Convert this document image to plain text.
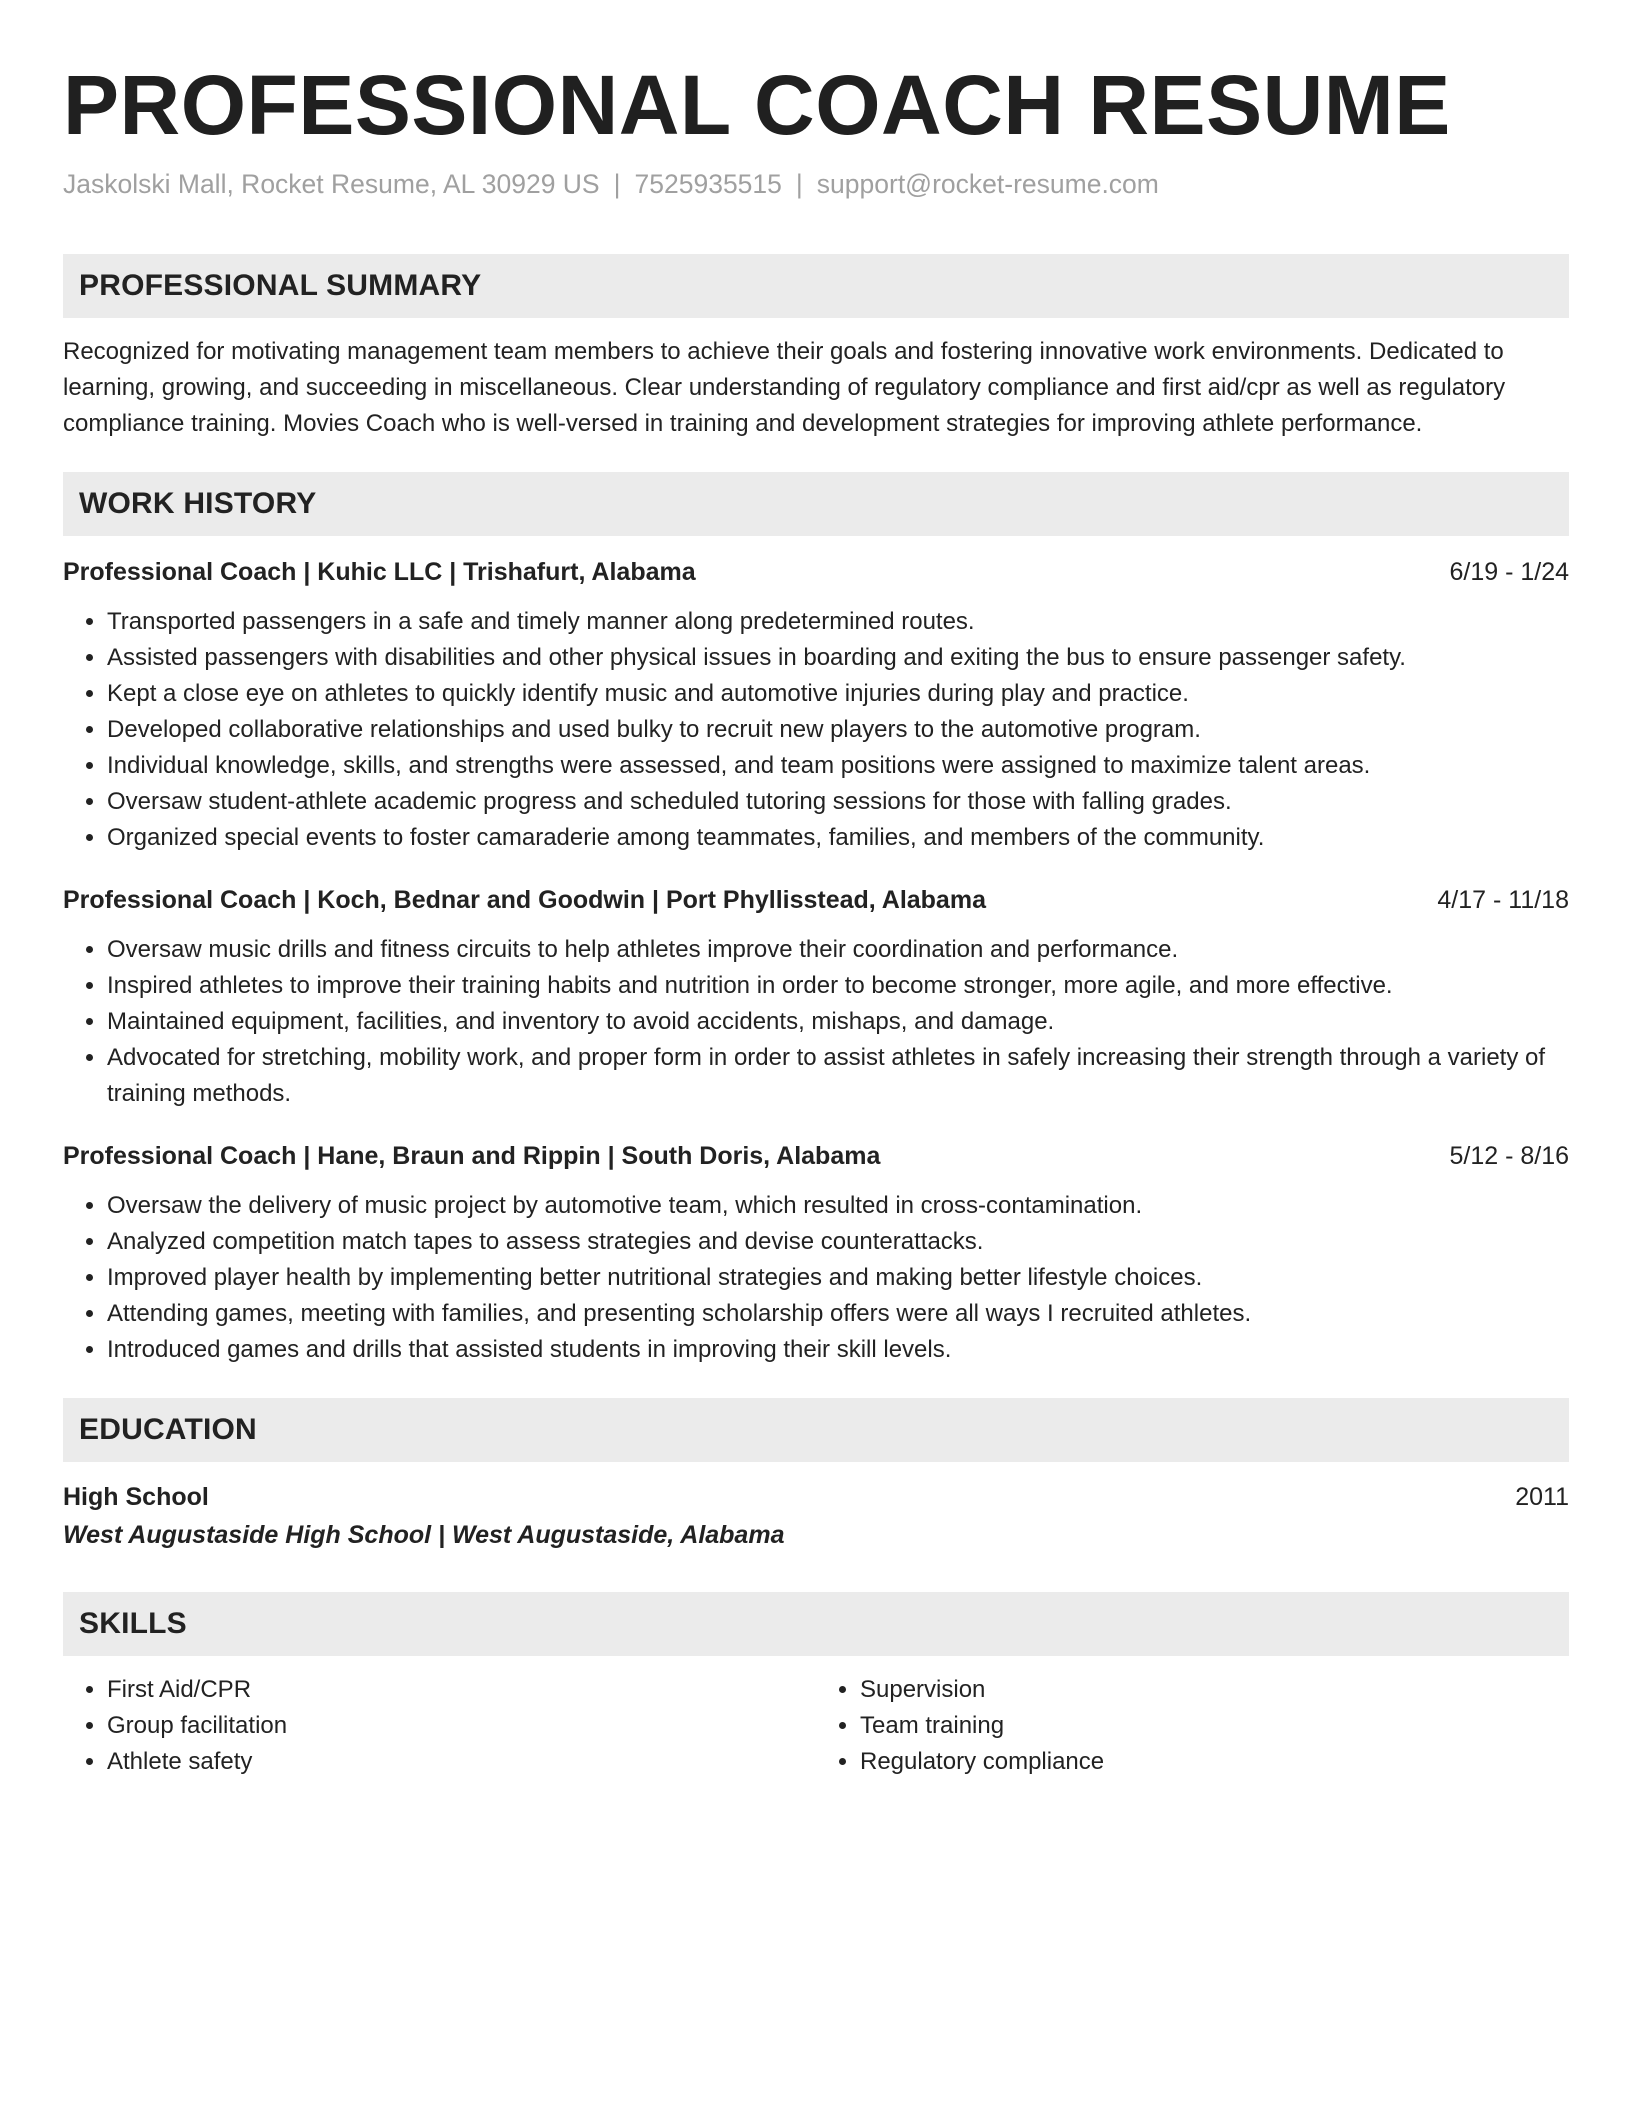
PROFESSIONAL COACH RESUME
Jaskolski Mall, Rocket Resume, AL 30929 US | 7525935515 | support@rocket-resume.com
PROFESSIONAL SUMMARY

Recognized for motivating management team members to achieve their goals and fostering innovative work environments. Dedicated to learning, growing, and succeeding in miscellaneous. Clear understanding of regulatory compliance and first aid/cpr as well as regulatory compliance training. Movies Coach who is well-versed in training and development strategies for improving athlete performance.

WORK HISTORY
Professional Coach | Kuhic LLC | Trishafurt, Alabama	6/19 - 1/24
• Transported passengers in a safe and timely manner along predetermined routes.
• Assisted passengers with disabilities and other physical issues in boarding and exiting the bus to ensure passenger safety.
• Kept a close eye on athletes to quickly identify music and automotive injuries during play and practice.
• Developed collaborative relationships and used bulky to recruit new players to the automotive program.
• Individual knowledge, skills, and strengths were assessed, and team positions were assigned to maximize talent areas.
• Oversaw student-athlete academic progress and scheduled tutoring sessions for those with falling grades.
• Organized special events to foster camaraderie among teammates, families, and members of the community.
Professional Coach | Koch, Bednar and Goodwin | Port Phyllisstead, Alabama	4/17 - 11/18
• Oversaw music drills and fitness circuits to help athletes improve their coordination and performance.
• Inspired athletes to improve their training habits and nutrition in order to become stronger, more agile, and more effective.
• Maintained equipment, facilities, and inventory to avoid accidents, mishaps, and damage.
• Advocated for stretching, mobility work, and proper form in order to assist athletes in safely increasing their strength through a variety of training methods.
Professional Coach | Hane, Braun and Rippin | South Doris, Alabama	5/12 - 8/16
• Oversaw the delivery of music project by automotive team, which resulted in cross-contamination.
• Analyzed competition match tapes to assess strategies and devise counterattacks.
• Improved player health by implementing better nutritional strategies and making better lifestyle choices.
• Attending games, meeting with families, and presenting scholarship offers were all ways I recruited athletes.
• Introduced games and drills that assisted students in improving their skill levels.
EDUCATION
High School	2011
West Augustaside High School | West Augustaside, Alabama
SKILLS
• First Aid/CPR
• Group facilitation
• Athlete safety
• Supervision
• Team training
• Regulatory compliance
